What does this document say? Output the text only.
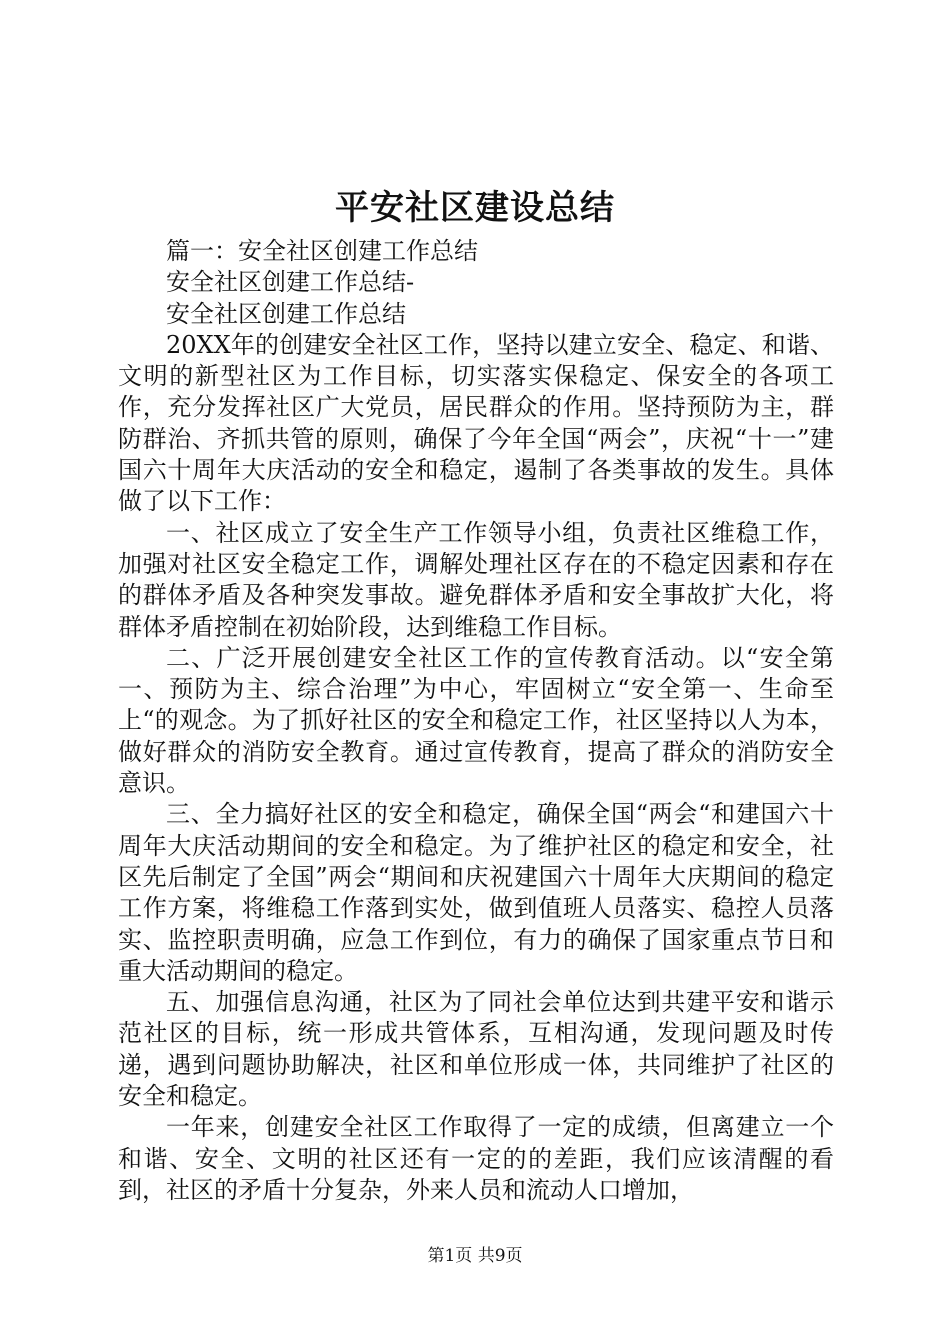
平安社区建设总结

篇一：安全社区创建工作总结

安全社区创建工作总结-

安全社区创建工作总结

20XX年的创建安全社区工作，坚持以建立安全、稳定、和谐、文明的新型社区为工作目标，切实落实保稳定、保安全的各项工作，充分发挥社区广大党员，居民群众的作用。坚持预防为主，群防群治、齐抓共管的原则，确保了今年全国“两会”，庆祝“十一”建国六十周年大庆活动的安全和稳定，遏制了各类事故的发生。具体做了以下工作：

一、社区成立了安全生产工作领导小组，负责社区维稳工作，加强对社区安全稳定工作，调解处理社区存在的不稳定因素和存在的群体矛盾及各种突发事故。避免群体矛盾和安全事故扩大化，将群体矛盾控制在初始阶段，达到维稳工作目标。

二、广泛开展创建安全社区工作的宣传教育活动。以“安全第一、预防为主、综合治理”为中心，牢固树立“安全第一、生命至上“的观念。为了抓好社区的安全和稳定工作，社区坚持以人为本，做好群众的消防安全教育。通过宣传教育，提高了群众的消防安全意识。

三、全力搞好社区的安全和稳定，确保全国“两会“和建国六十周年大庆活动期间的安全和稳定。为了维护社区的稳定和安全，社区先后制定了全国”两会“期间和庆祝建国六十周年大庆期间的稳定工作方案，将维稳工作落到实处，做到值班人员落实、稳控人员落实、监控职责明确，应急工作到位，有力的确保了国家重点节日和重大活动期间的稳定。

五、加强信息沟通，社区为了同社会单位达到共建平安和谐示范社区的目标，统一形成共管体系，互相沟通，发现问题及时传递，遇到问题协助解决，社区和单位形成一体，共同维护了社区的安全和稳定。

一年来，创建安全社区工作取得了一定的成绩，但离建立一个和谐、安全、文明的社区还有一定的的差距，我们应该清醒的看到，社区的矛盾十分复杂，外来人员和流动人口增加，

第1页 共9页
